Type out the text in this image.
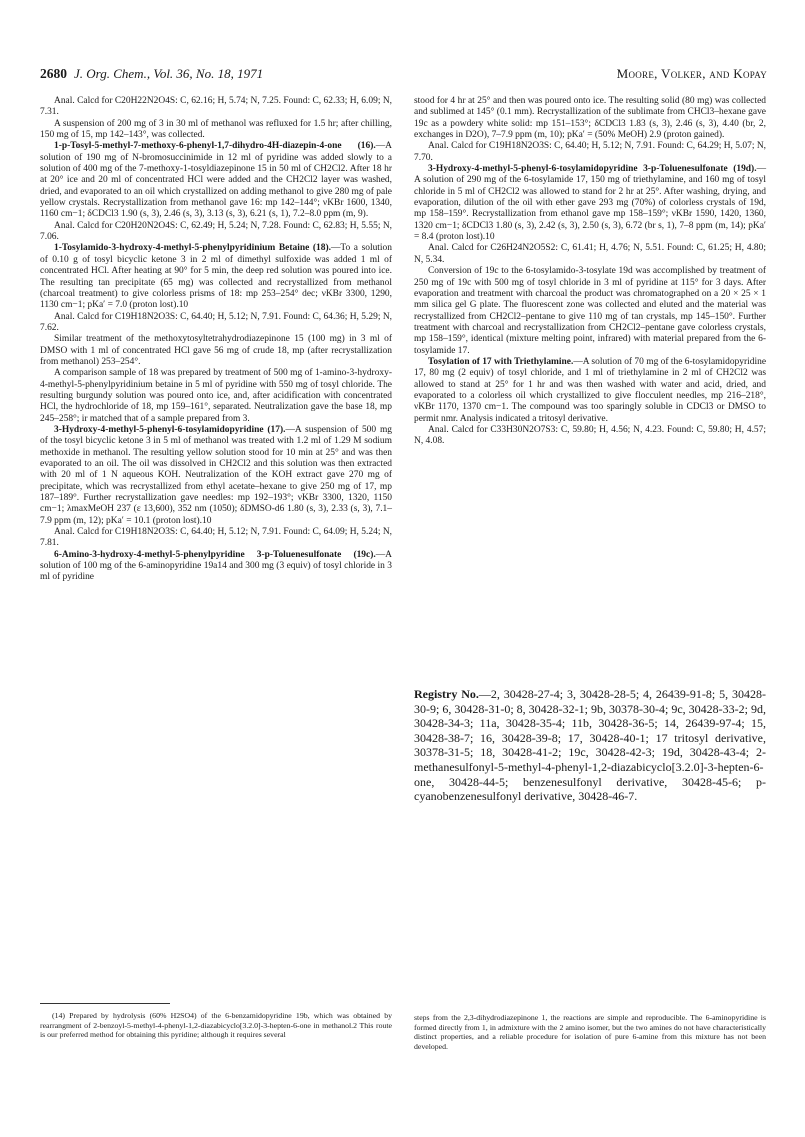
2680 J. Org. Chem., Vol. 36, No. 18, 1971	Moore, Volker, and Kopay

Anal. Calcd for C20H22N2O4S: C, 62.16; H, 5.74; N, 7.25. Found: C, 62.33; H, 6.09; N, 7.31.

A suspension of 200 mg of 3 in 30 ml of methanol was refluxed for 1.5 hr; after chilling, 150 mg of 15, mp 142–143°, was collected.

1-p-Tosyl-5-methyl-7-methoxy-6-phenyl-1,7-dihydro-4H-diazepin-4-one (16).—A solution of 190 mg of N-bromosuccinimide in 12 ml of pyridine was added slowly to a solution of 400 mg of the 7-methoxy-1-tosyldiazepinone 15 in 50 ml of CH2Cl2. After 18 hr at 20° ice and 20 ml of concentrated HCl were added and the CH2Cl2 layer was washed, dried, and evaporated to an oil which crystallized on adding methanol to give 280 mg of pale yellow crystals. Recrystallization from methanol gave 16: mp 142–144°; νKBr 1600, 1340, 1160 cm−1; δCDCl3 1.90 (s, 3), 2.46 (s, 3), 3.13 (s, 3), 6.21 (s, 1), 7.2–8.0 ppm (m, 9).

Anal. Calcd for C20H20N2O4S: C, 62.49; H, 5.24; N, 7.28. Found: C, 62.83; H, 5.55; N, 7.06.

1-Tosylamido-3-hydroxy-4-methyl-5-phenylpyridinium Betaine (18).—To a solution of 0.10 g of tosyl bicyclic ketone 3 in 2 ml of dimethyl sulfoxide was added 1 ml of concentrated HCl. After heating at 90° for 5 min, the deep red solution was poured into ice. The resulting tan precipitate (65 mg) was collected and recrystallized from methanol (charcoal treatment) to give colorless prisms of 18: mp 253–254° dec; νKBr 3300, 1290, 1130 cm−1; pKa′ = 7.0 (proton lost).10

Anal. Calcd for C19H18N2O3S: C, 64.40; H, 5.12; N, 7.91. Found: C, 64.36; H, 5.29; N, 7.62.

Similar treatment of the methoxytosyltetrahydrodiazepinone 15 (100 mg) in 3 ml of DMSO with 1 ml of concentrated HCl gave 56 mg of crude 18, mp (after recrystallization from methanol) 253–254°.

A comparison sample of 18 was prepared by treatment of 500 mg of 1-amino-3-hydroxy-4-methyl-5-phenylpyridinium betaine in 5 ml of pyridine with 550 mg of tosyl chloride. The resulting burgundy solution was poured onto ice, and, after acidification with concentrated HCl, the hydrochloride of 18, mp 159–161°, separated. Neutralization gave the base 18, mp 245–258°; ir matched that of a sample prepared from 3.

3-Hydroxy-4-methyl-5-phenyl-6-tosylamidopyridine (17).—A suspension of 500 mg of the tosyl bicyclic ketone 3 in 5 ml of methanol was treated with 1.2 ml of 1.29 M sodium methoxide in methanol. The resulting yellow solution stood for 10 min at 25° and was then evaporated to an oil. The oil was dissolved in CH2Cl2 and this solution was then extracted with 20 ml of 1 N aqueous KOH. Neutralization of the KOH extract gave 270 mg of precipitate, which was recrystallized from ethyl acetate–hexane to give 250 mg of 17, mp 187–189°. Further recrystallization gave needles: mp 192–193°; νKBr 3300, 1320, 1150 cm−1; λmaxMeOH 237 (ε 13,600), 352 nm (1050); δDMSO-d6 1.80 (s, 3), 2.33 (s, 3), 7.1–7.9 ppm (m, 12); pKa′ = 10.1 (proton lost).10

Anal. Calcd for C19H18N2O3S: C, 64.40; H, 5.12; N, 7.91. Found: C, 64.09; H, 5.24; N, 7.81.

6-Amino-3-hydroxy-4-methyl-5-phenylpyridine 3-p-Toluenesulfonate (19c).—A solution of 100 mg of the 6-aminopyridine 19a14 and 300 mg (3 equiv) of tosyl chloride in 3 ml of pyridine

stood for 4 hr at 25° and then was poured onto ice. The resulting solid (80 mg) was collected and sublimed at 145° (0.1 mm). Recrystallization of the sublimate from CHCl3–hexane gave 19c as a powdery white solid: mp 151–153°; δCDCl3 1.83 (s, 3), 2.46 (s, 3), 4.40 (br, 2, exchanges in D2O), 7–7.9 ppm (m, 10); pKa′ = (50% MeOH) 2.9 (proton gained).

Anal. Calcd for C19H18N2O3S: C, 64.40; H, 5.12; N, 7.91. Found: C, 64.29; H, 5.07; N, 7.70.

3-Hydroxy-4-methyl-5-phenyl-6-tosylamidopyridine 3-p-Toluenesulfonate (19d).—A solution of 290 mg of the 6-tosylamide 17, 150 mg of triethylamine, and 160 mg of tosyl chloride in 5 ml of CH2Cl2 was allowed to stand for 2 hr at 25°. After washing, drying, and evaporation, dilution of the oil with ether gave 293 mg (70%) of colorless crystals of 19d, mp 158–159°. Recrystallization from ethanol gave mp 158–159°; νKBr 1590, 1420, 1360, 1320 cm−1; δCDCl3 1.80 (s, 3), 2.42 (s, 3), 2.50 (s, 3), 6.72 (br s, 1), 7–8 ppm (m, 14); pKa′ = 8.4 (proton lost).10

Anal. Calcd for C26H24N2O5S2: C, 61.41; H, 4.76; N, 5.51. Found: C, 61.25; H, 4.80; N, 5.34.

Conversion of 19c to the 6-tosylamido-3-tosylate 19d was accomplished by treatment of 250 mg of 19c with 500 mg of tosyl chloride in 3 ml of pyridine at 115° for 3 days. After evaporation and treatment with charcoal the product was chromatographed on a 20 × 25 × 1 mm silica gel G plate. The fluorescent zone was collected and eluted and the material was recrystallized from CH2Cl2–pentane to give 110 mg of tan crystals, mp 145–150°. Further treatment with charcoal and recrystallization from CH2Cl2–pentane gave colorless crystals, mp 158–159°, identical (mixture melting point, infrared) with material prepared from the 6-tosylamide 17.

Tosylation of 17 with Triethylamine.—A solution of 70 mg of the 6-tosylamidopyridine 17, 80 mg (2 equiv) of tosyl chloride, and 1 ml of triethylamine in 2 ml of CH2Cl2 was allowed to stand at 25° for 1 hr and was then washed with water and acid, dried, and evaporated to a colorless oil which crystallized to give flocculent needles, mp 216–218°, νKBr 1170, 1370 cm−1. The compound was too sparingly soluble in CDCl3 or DMSO to permit nmr. Analysis indicated a tritosyl derivative.

Anal. Calcd for C33H30N2O7S3: C, 59.80; H, 4.56; N, 4.23. Found: C, 59.80; H, 4.57; N, 4.08.

Registry No.—2, 30428-27-4; 3, 30428-28-5; 4, 26439-91-8; 5, 30428-30-9; 6, 30428-31-0; 8, 30428-32-1; 9b, 30378-30-4; 9c, 30428-33-2; 9d, 30428-34-3; 11a, 30428-35-4; 11b, 30428-36-5; 14, 26439-97-4; 15, 30428-38-7; 16, 30428-39-8; 17, 30428-40-1; 17 tritosyl derivative, 30378-31-5; 18, 30428-41-2; 19c, 30428-42-3; 19d, 30428-43-4; 2-methanesulfonyl-5-methyl-4-phenyl-1,2-diazabicyclo[3.2.0]-3-hepten-6-one, 30428-44-5; benzenesulfonyl derivative, 30428-45-6; p-cyanobenzenesulfonyl derivative, 30428-46-7.

(14) Prepared by hydrolysis (60% H2SO4) of the 6-benzamidopyridine 19b, which was obtained by rearrangment of 2-benzoyl-5-methyl-4-phenyl-1,2-diazabicyclo[3.2.0]-3-hepten-6-one in methanol.2 This route is our preferred method for obtaining this pyridine; although it requires several

steps from the 2,3-dihydrodiazepinone 1, the reactions are simple and reproducible. The 6-aminopyridine is formed directly from 1, in admixture with the 2 amino isomer, but the two amines do not have characteristically distinct properties, and a reliable procedure for isolation of pure 6-amine from this mixture has not been developed.
